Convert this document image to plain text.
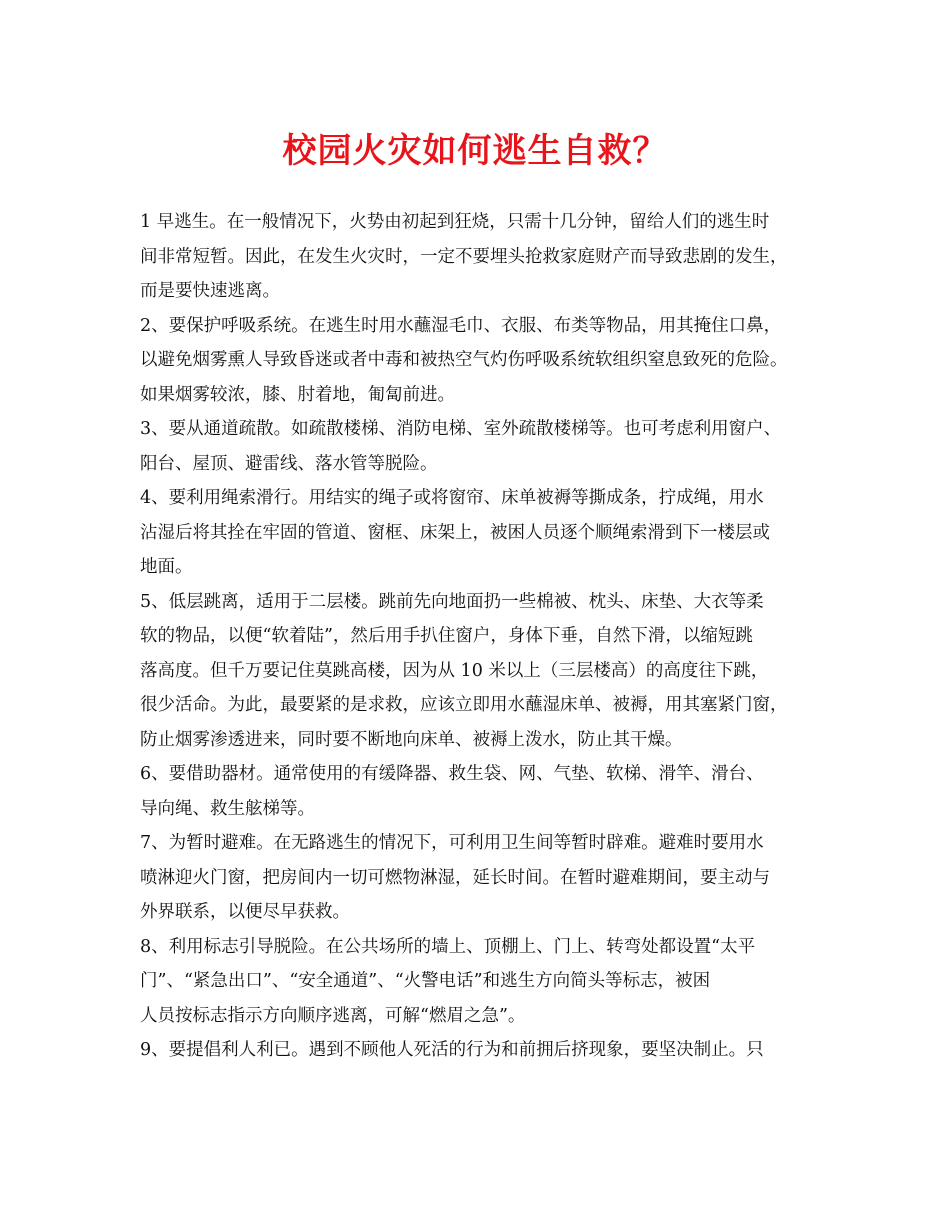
校园火灾如何逃生自救？
1 早逃生。在一般情况下，火势由初起到狂烧，只需十几分钟，留给人们的逃生时
间非常短暂。因此，在发生火灾时，一定不要埋头抢救家庭财产而导致悲剧的发生，
而是要快速逃离。
2、要保护呼吸系统。在逃生时用水蘸湿毛巾、衣服、布类等物品，用其掩住口鼻，
以避免烟雾熏人导致昏迷或者中毒和被热空气灼伤呼吸系统软组织窒息致死的危险。
如果烟雾较浓，膝、肘着地，匍匐前进。
3、要从通道疏散。如疏散楼梯、消防电梯、室外疏散楼梯等。也可考虑利用窗户、
阳台、屋顶、避雷线、落水管等脱险。
4、要利用绳索滑行。用结实的绳子或将窗帘、床单被褥等撕成条，拧成绳，用水
沾湿后将其拴在牢固的管道、窗框、床架上，被困人员逐个顺绳索滑到下一楼层或
地面。
5、低层跳离，适用于二层楼。跳前先向地面扔一些棉被、枕头、床垫、大衣等柔
软的物品，以便“软着陆”，然后用手扒住窗户，身体下垂，自然下滑，以缩短跳
落高度。但千万要记住莫跳高楼，因为从 10 米以上（三层楼高）的高度往下跳，
很少活命。为此，最要紧的是求救，应该立即用水蘸湿床单、被褥，用其塞紧门窗，
防止烟雾渗透进来，同时要不断地向床单、被褥上泼水，防止其干燥。
6、要借助器材。通常使用的有缓降器、救生袋、网、气垫、软梯、滑竿、滑台、
导向绳、救生舷梯等。
7、为暂时避难。在无路逃生的情况下，可利用卫生间等暂时辟难。避难时要用水
喷淋迎火门窗，把房间内一切可燃物淋湿，延长时间。在暂时避难期间，要主动与
外界联系，以便尽早获救。
8、利用标志引导脱险。在公共场所的墙上、顶棚上、门上、转弯处都设置“太平
门”、“紧急出口”、“安全通道”、“火警电话”和逃生方向简头等标志，被困
人员按标志指示方向顺序逃离，可解“燃眉之急”。
9、要提倡利人利已。遇到不顾他人死活的行为和前拥后挤现象，要坚决制止。只
